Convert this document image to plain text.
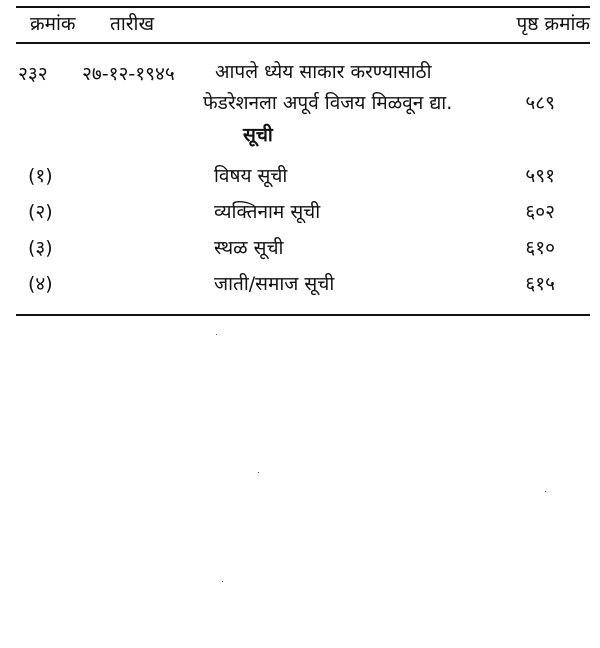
क्रमांक तारीख	पृष्ठ क्रमांक
२३२ २७-१२-१९४५ आपले ध्येय साकार करण्यासाठी
फेडरेशनला अपूर्व विजय मिळवून द्या.	५८९
सूची
(१)	विषय सूची	५९१
(२)	व्यक्तिनाम सूची	६०२
(३)	स्थळ सूची	६१०
(४)	जाती/समाज सूची	६१५
